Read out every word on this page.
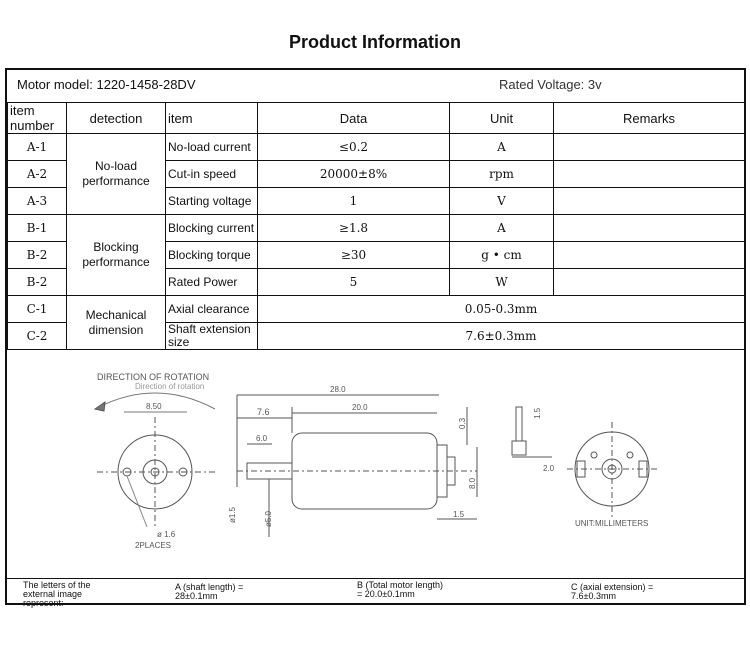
Product Information
Motor model: 1220-1458-28DV	Rated Voltage: 3v
item number	detection	item	Data	Unit	Remarks
A-1	No-load performance	No-load current	≤0.2	A	
A-2		Cut-in speed	20000±8%	rpm	
A-3		Starting voltage	1	V	
B-1	Blocking performance	Blocking current	≥1.8	A	
B-2		Blocking torque	≥30	g • cm	
B-2		Rated Power	5	W	
C-1	Mechanical dimension	Axial clearance	0.05-0.3mm		
C-2		Shaft extension size	7.6±0.3mm		
DIRECTION OF ROTATION
Direction of rotation
8.50
ø 1.6
2PLACES
28.0
20.0
7.6
6.0
ø1.5	ø5.0
0.3
8.0
1.5
1.5
2.0
UNIT:MILLIMETERS
The letters of the external image represent:
A (shaft length) = 28±0.1mm
B (Total motor length) = 20.0±0.1mm
C (axial extension) = 7.6±0.3mm
